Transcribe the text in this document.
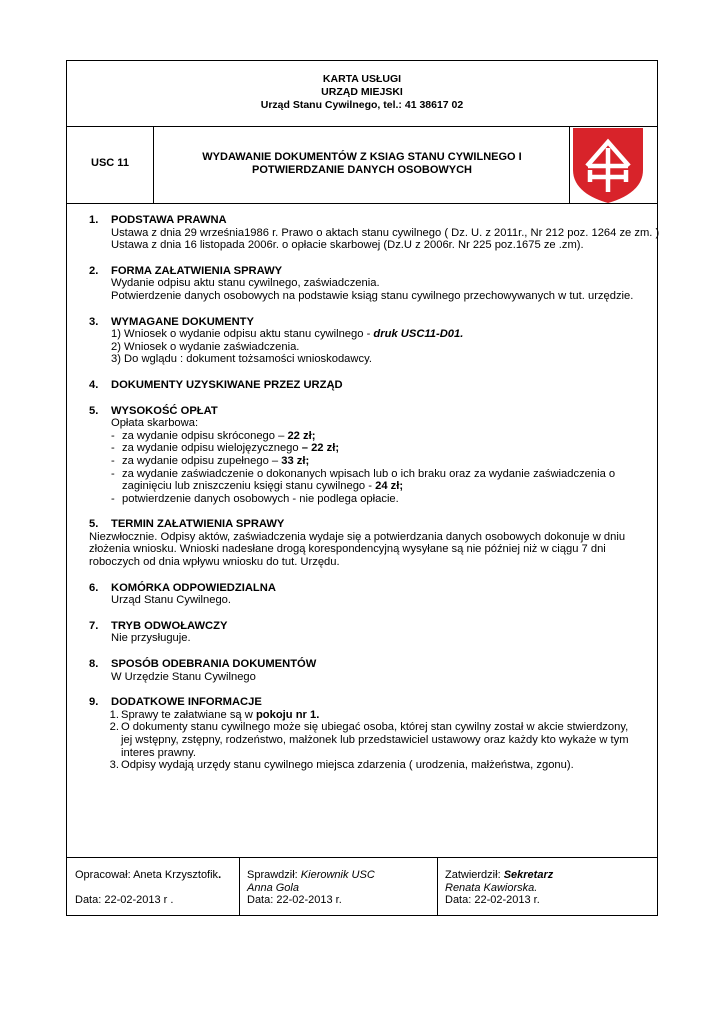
KARTA USŁUGI
URZĄD MIEJSKI
Urząd Stanu Cywilnego, tel.: 41 38617 02
USC 11	WYDAWANIE DOKUMENTÓW Z KSIAG STANU CYWILNEGO I
POTWIERDZANIE DANYCH OSOBOWYCH
1.	PODSTAWA PRAWNA
Ustawa z dnia 29 września1986 r. Prawo o aktach stanu cywilnego ( Dz. U. z 2011r., Nr 212 poz. 1264 ze zm. )
Ustawa z dnia 16 listopada 2006r. o opłacie skarbowej (Dz.U z 2006r. Nr 225 poz.1675 ze .zm).
2.	FORMA ZAŁATWIENIA SPRAWY
Wydanie odpisu aktu stanu cywilnego, zaświadczenia.
Potwierdzenie danych osobowych na podstawie ksiąg stanu cywilnego przechowywanych w tut. urzędzie.
3.	WYMAGANE DOKUMENTY
1) Wniosek o wydanie odpisu aktu stanu cywilnego - druk USC11-D01.
2) Wniosek o wydanie zaświadczenia.
3) Do wglądu : dokument tożsamości wnioskodawcy.
4.	DOKUMENTY UZYSKIWANE PRZEZ URZĄD
5.	WYSOKOŚĆ OPŁAT
Opłata skarbowa:
- za wydanie odpisu skróconego – 22 zł;
- za wydanie odpisu wielojęzycznego – 22 zł;
- za wydanie odpisu zupełnego – 33 zł;
- za wydanie zaświadczenie o dokonanych wpisach lub o ich braku oraz za wydanie zaświadczenia o
zaginięciu lub zniszczeniu księgi stanu cywilnego - 24 zł;
- potwierdzenie danych osobowych - nie podlega opłacie.
5.	TERMIN ZAŁATWIENIA SPRAWY
Niezwłocznie. Odpisy aktów, zaświadczenia wydaje się a potwierdzania danych osobowych dokonuje w dniu
złożenia wniosku. Wnioski nadesłane drogą korespondencyjną wysyłane są nie później niż w ciągu 7 dni
roboczych od dnia wpływu wniosku do tut. Urzędu.
6.	KOMÓRKA ODPOWIEDZIALNA
Urząd Stanu Cywilnego.
7.	TRYB ODWOŁAWCZY
Nie przysługuje.
8.	SPOSÓB ODEBRANIA DOKUMENTÓW
W Urzędzie Stanu Cywilnego
9.	DODATKOWE INFORMACJE
1. Sprawy te załatwiane są w pokoju nr 1.
2. O dokumenty stanu cywilnego może się ubiegać osoba, której stan cywilny został w akcie stwierdzony, jej wstępny, zstępny, rodzeństwo, małżonek lub przedstawiciel ustawowy oraz każdy kto wykaże w tym interes prawny.
3. Odpisy wydają urzędy stanu cywilnego miejsca zdarzenia ( urodzenia, małżeństwa, zgonu).
Opracował: Aneta Krzysztofik.
Data: 22-02-2013 r .
Sprawdził: Kierownik USC
Anna Gola
Data: 22-02-2013 r.
Zatwierdził: Sekretarz
Renata Kawiorska.
Data: 22-02-2013 r.
